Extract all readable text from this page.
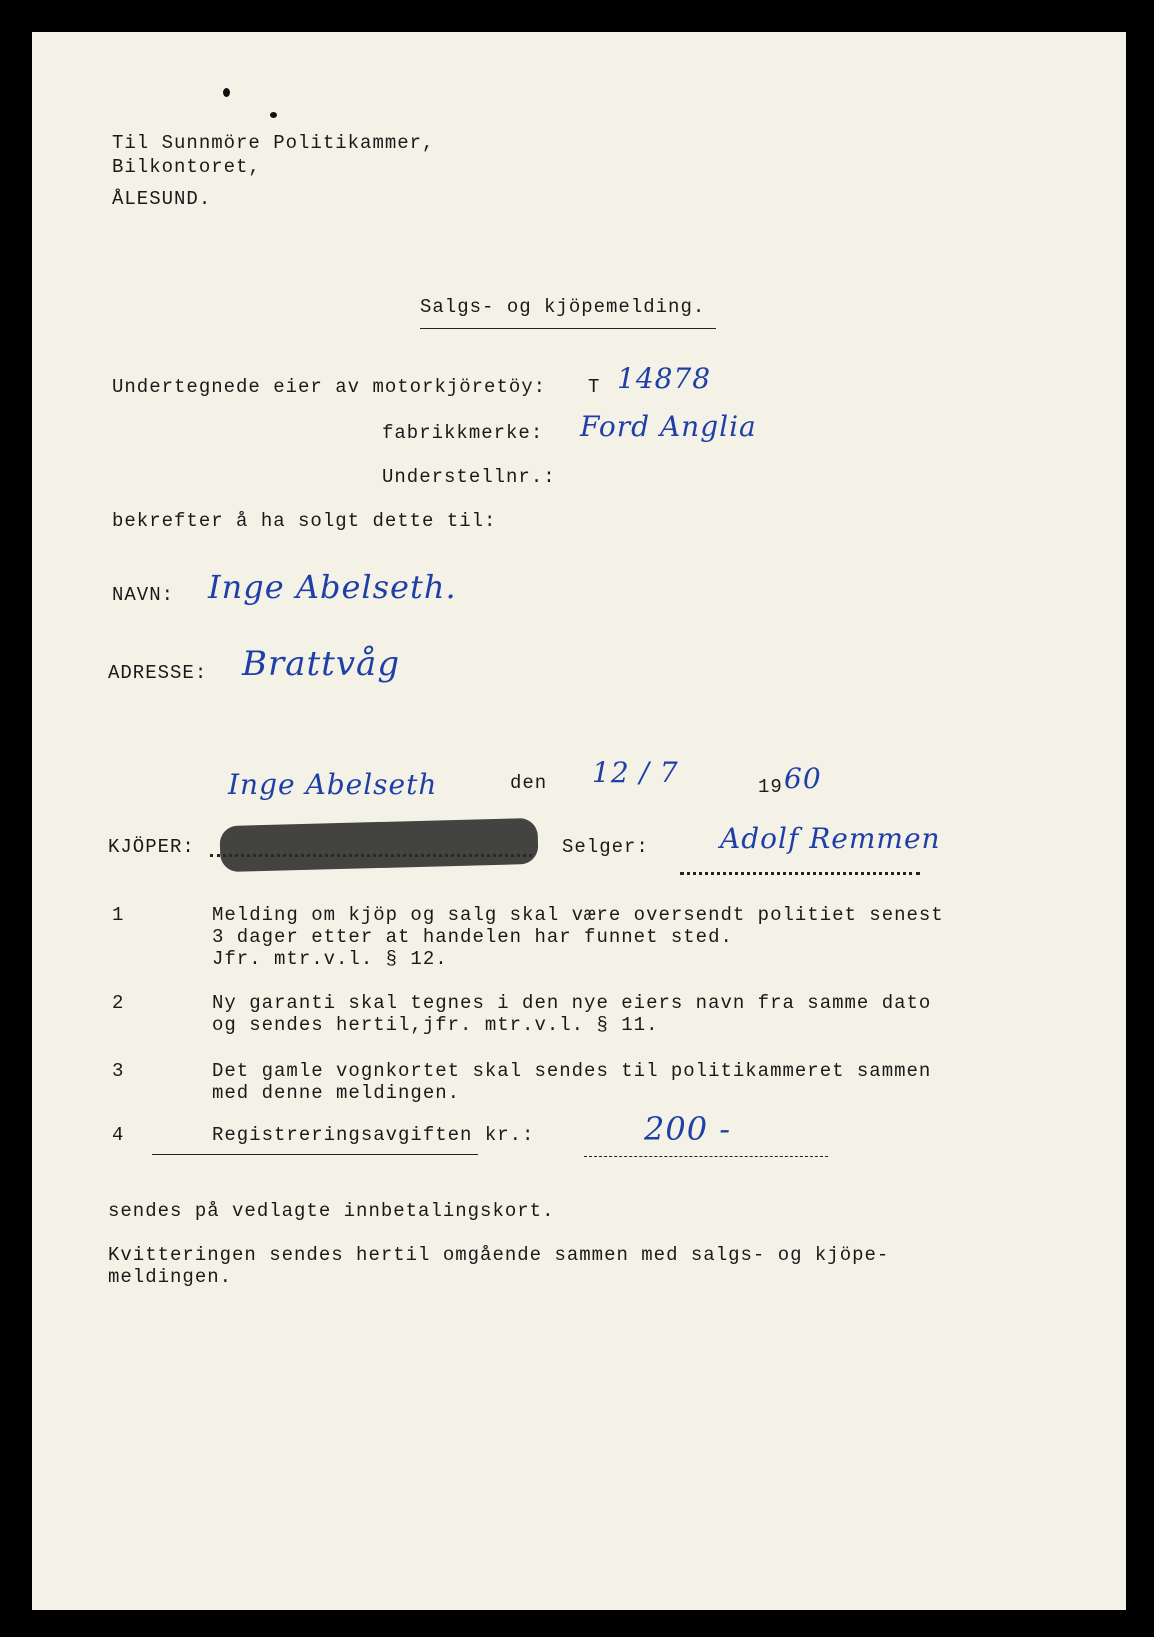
Til Sunnmöre Politikammer,
Bilkontoret,
ÅLESUND.
Salgs- og kjöpemelding.
Undertegnede eier av motorkjöretöy: T 14878
fabrikkmerke: Ford Anglia
Understellnr.:
bekrefter å ha solgt dette til:
NAVN: Inge Abelseth.
ADRESSE: Brattvåg
Inge Abelseth	den 12 / 7	19 60
KJÖPER:	Selger:	Adolf Remmen
1	Melding om kjöp og salg skal være oversendt politiet senest
3 dager etter at handelen har funnet sted.
Jfr. mtr.v.l. § 12.
2	Ny garanti skal tegnes i den nye eiers navn fra samme dato
og sendes hertil,jfr. mtr.v.l. § 11.
3	Det gamle vognkortet skal sendes til politikammeret sammen
med denne meldingen.
4	Registreringsavgiften kr.:	200 -
sendes på vedlagte innbetalingskort.
Kvitteringen sendes hertil omgående sammen med salgs- og kjöpe-
meldingen.
